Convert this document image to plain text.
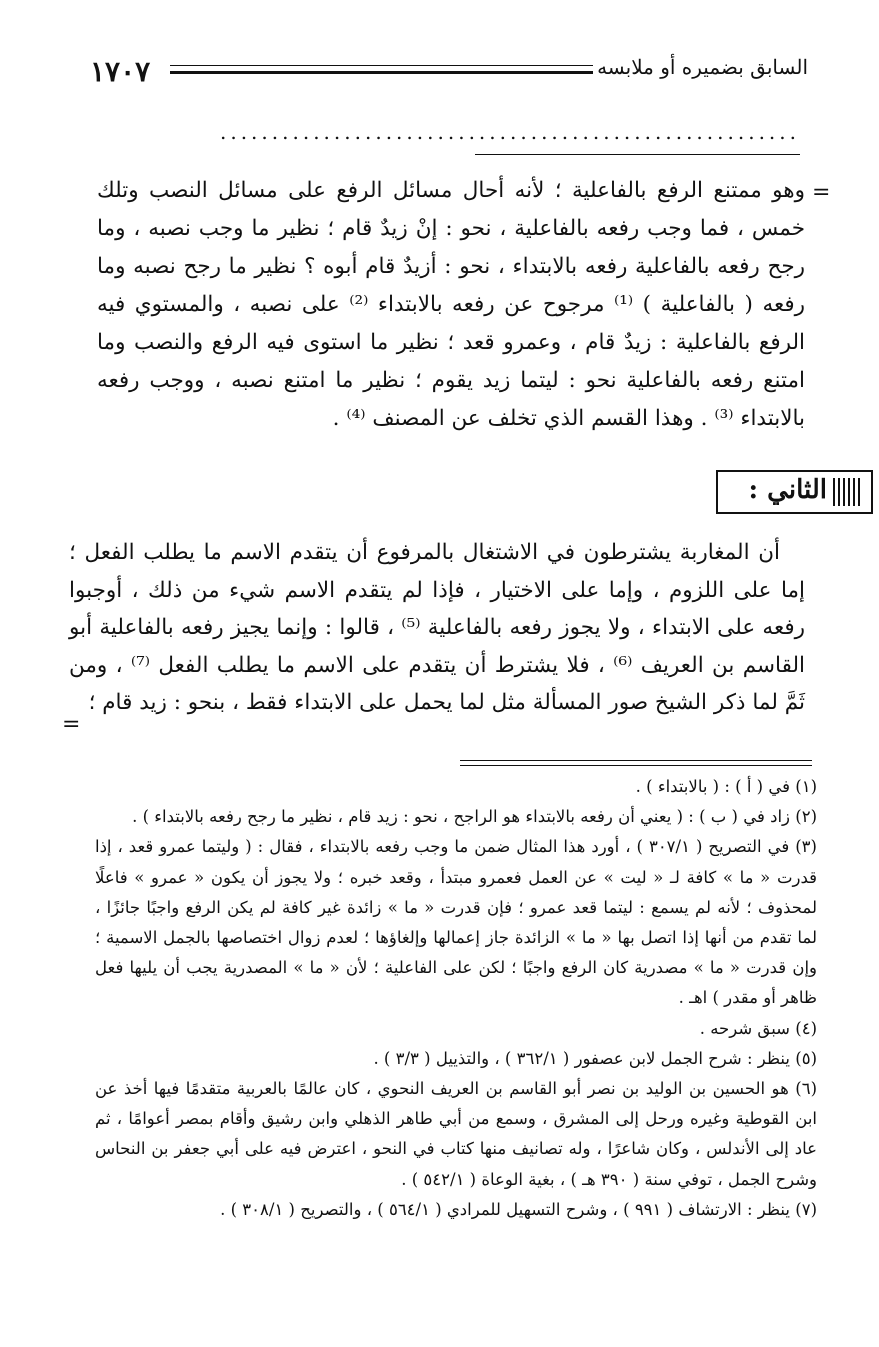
١٧٠٧	السابق بضميره أو ملابسه
........................................................
=
وهو ممتنع الرفع بالفاعلية ؛ لأنه أحال مسائل الرفع على مسائل النصب وتلك خمس ، فما وجب رفعه بالفاعلية ، نحو : إنْ زيدٌ قام ؛ نظير ما وجب نصبه ، وما رجح رفعه بالفاعلية رفعه بالابتداء ، نحو : أزيدٌ قام أبوه ؟ نظير ما رجح نصبه وما رفعه ( بالفاعلية ) ⁽¹⁾ مرجوح عن رفعه بالابتداء ⁽²⁾ على نصبه ، والمستوي فيه الرفع بالفاعلية : زيدٌ قام ، وعمرو قعد ؛ نظير ما استوى فيه الرفع والنصب وما امتنع رفعه بالفاعلية نحو : ليتما زيد يقوم ؛ نظير ما امتنع نصبه ، ووجب رفعه بالابتداء ⁽³⁾ . وهذا القسم الذي تخلف عن المصنف ⁽⁴⁾ .
الثاني :
أن المغاربة يشترطون في الاشتغال بالمرفوع أن يتقدم الاسم ما يطلب الفعل ؛ إما على اللزوم ، وإما على الاختيار ، فإذا لم يتقدم الاسم شيء من ذلك ، أوجبوا رفعه على الابتداء ، ولا يجوز رفعه بالفاعلية ⁽⁵⁾ ، قالوا : وإنما يجيز رفعه بالفاعلية أبو القاسم بن العريف ⁽⁶⁾ ، فلا يشترط أن يتقدم على الاسم ما يطلب الفعل ⁽⁷⁾ ، ومن ثَمَّ لما ذكر الشيخ صور المسألة مثل لما يحمل على الابتداء فقط ، بنحو : زيد قام ؛
=

(١) في ( أ ) : ( بالابتداء ) .

(٢) زاد في ( ب ) : ( يعني أن رفعه بالابتداء هو الراجح ، نحو : زيد قام ، نظير ما رجح رفعه بالابتداء ) .

(٣) في التصريح ( ٣٠٧/١ ) ، أورد هذا المثال ضمن ما وجب رفعه بالابتداء ، فقال : ( وليتما عمرو قعد ، إذا قدرت « ما » كافة لـ « ليت » عن العمل فعمرو مبتدأ ، وقعد خبره ؛ ولا يجوز أن يكون « عمرو » فاعلًا لمحذوف ؛ لأنه لم يسمع : ليتما قعد عمرو ؛ فإن قدرت « ما » زائدة غير كافة لم يكن الرفع واجبًا جائزًا ، لما تقدم من أنها إذا اتصل بها « ما » الزائدة جاز إعمالها وإلغاؤها ؛ لعدم زوال اختصاصها بالجمل الاسمية ؛ وإن قدرت « ما » مصدرية كان الرفع واجبًا ؛ لكن على الفاعلية ؛ لأن « ما » المصدرية يجب أن يليها فعل ظاهر أو مقدر ) اهـ .

(٤) سبق شرحه .

(٥) ينظر : شرح الجمل لابن عصفور ( ٣٦٢/١ ) ، والتذييل ( ٣/٣ ) .

(٦) هو الحسين بن الوليد بن نصر أبو القاسم بن العريف النحوي ، كان عالمًا بالعربية متقدمًا فيها أخذ عن ابن القوطية وغيره ورحل إلى المشرق ، وسمع من أبي طاهر الذهلي وابن رشيق وأقام بمصر أعوامًا ، ثم عاد إلى الأندلس ، وكان شاعرًا ، وله تصانيف منها كتاب في النحو ، اعترض فيه على أبي جعفر بن النحاس وشرح الجمل ، توفي سنة ( ٣٩٠ هـ ) ، بغية الوعاة ( ٥٤٢/١ ) .

(٧) ينظر : الارتشاف ( ٩٩١ ) ، وشرح التسهيل للمرادي ( ٥٦٤/١ ) ، والتصريح ( ٣٠٨/١ ) .
